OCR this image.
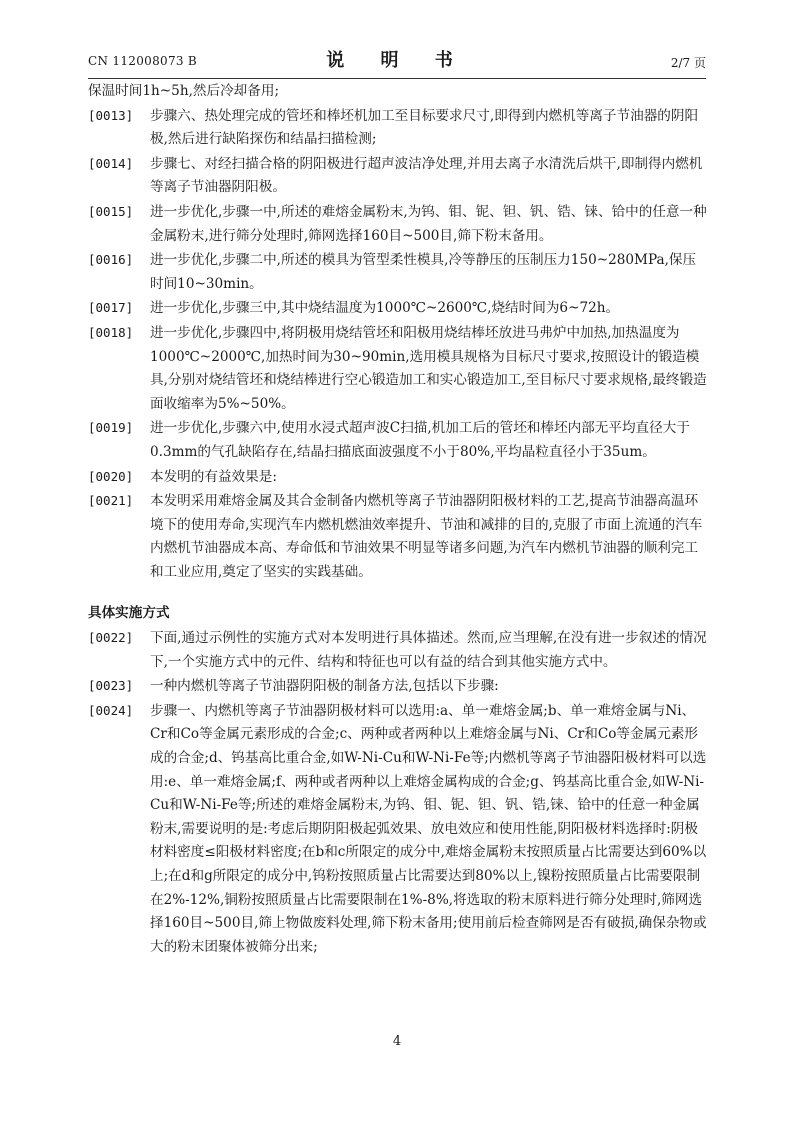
CN 112008073 B	说 明 书	2/7 页

保温时间1h~5h,然后冷却备用;

[0013] 步骤六、热处理完成的管坯和棒坯机加工至目标要求尺寸,即得到内燃机等离子节油器的阴阳极,然后进行缺陷探伤和结晶扫描检测;

[0014] 步骤七、对经扫描合格的阴阳极进行超声波洁净处理,并用去离子水清洗后烘干,即制得内燃机等离子节油器阴阳极。

[0015] 进一步优化,步骤一中,所述的难熔金属粉末,为钨、钼、铌、钽、钒、锆、铼、铪中的任意一种金属粉末,进行筛分处理时,筛网选择160目~500目,筛下粉末备用。

[0016] 进一步优化,步骤二中,所述的模具为管型柔性模具,冷等静压的压制压力150~280MPa,保压时间10~30min。

[0017] 进一步优化,步骤三中,其中烧结温度为1000℃~2600℃,烧结时间为6~72h。

[0018] 进一步优化,步骤四中,将阴极用烧结管坯和阳极用烧结棒坯放进马弗炉中加热,加热温度为1000℃~2000℃,加热时间为30~90min,选用模具规格为目标尺寸要求,按照设计的锻造模具,分别对烧结管坯和烧结棒进行空心锻造加工和实心锻造加工,至目标尺寸要求规格,最终锻造面收缩率为5%~50%。

[0019] 进一步优化,步骤六中,使用水浸式超声波C扫描,机加工后的管坯和棒坯内部无平均直径大于0.3mm的气孔缺陷存在,结晶扫描底面波强度不小于80%,平均晶粒直径小于35um。

[0020] 本发明的有益效果是:

[0021] 本发明采用难熔金属及其合金制备内燃机等离子节油器阴阳极材料的工艺,提高节油器高温环境下的使用寿命,实现汽车内燃机燃油效率提升、节油和减排的目的,克服了市面上流通的汽车内燃机节油器成本高、寿命低和节油效果不明显等诸多问题,为汽车内燃机节油器的顺利完工和工业应用,奠定了坚实的实践基础。

具体实施方式

[0022] 下面,通过示例性的实施方式对本发明进行具体描述。然而,应当理解,在没有进一步叙述的情况下,一个实施方式中的元件、结构和特征也可以有益的结合到其他实施方式中。

[0023] 一种内燃机等离子节油器阴阳极的制备方法,包括以下步骤:

[0024] 步骤一、内燃机等离子节油器阴极材料可以选用:a、单一难熔金属;b、单一难熔金属与Ni、Cr和Co等金属元素形成的合金;c、两种或者两种以上难熔金属与Ni、Cr和Co等金属元素形成的合金;d、钨基高比重合金,如W-Ni-Cu和W-Ni-Fe等;内燃机等离子节油器阳极材料可以选用:e、单一难熔金属;f、两种或者两种以上难熔金属构成的合金;g、钨基高比重合金,如W-Ni-Cu和W-Ni-Fe等;所述的难熔金属粉末,为钨、钼、铌、钽、钒、锆,铼、铪中的任意一种金属粉末,需要说明的是:考虑后期阴阳极起弧效果、放电效应和使用性能,阴阳极材料选择时:阴极材料密度≤阳极材料密度;在b和c所限定的成分中,难熔金属粉末按照质量占比需要达到60%以上;在d和g所限定的成分中,钨粉按照质量占比需要达到80%以上,镍粉按照质量占比需要限制在2%-12%,铜粉按照质量占比需要限制在1%-8%,将选取的粉末原料进行筛分处理时,筛网选择160目~500目,筛上物做废料处理,筛下粉末备用;使用前后检查筛网是否有破损,确保杂物或大的粉末团聚体被筛分出来;

4
